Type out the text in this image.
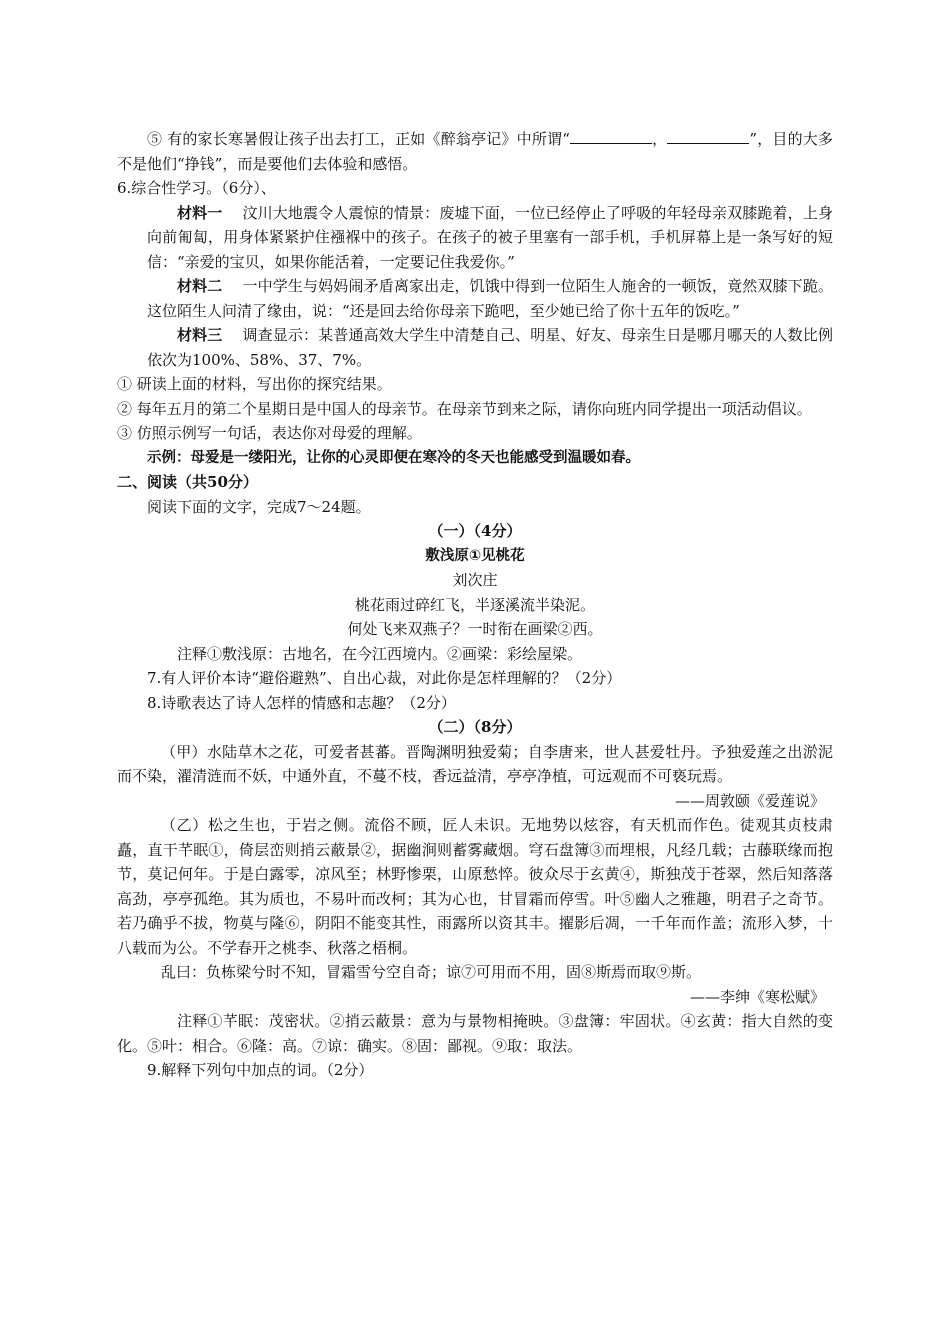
⑤ 有的家长寒暑假让孩子出去打工，正如《醉翁亭记》中所谓“	，	”，目的大多不是他们“挣钱”，而是要他们去体验和感悟。

6.综合性学习。（6分）、

材料一 汶川大地震令人震惊的情景：废墟下面，一位已经停止了呼吸的年轻母亲双膝跪着，上身向前匍匐，用身体紧紧护住襁褓中的孩子。在孩子的被子里塞有一部手机，手机屏幕上是一条写好的短信：“亲爱的宝贝，如果你能活着，一定要记住我爱你。”

材料二 一中学生与妈妈闹矛盾离家出走，饥饿中得到一位陌生人施舍的一顿饭，竟然双膝下跪。这位陌生人问清了缘由，说：“还是回去给你母亲下跪吧，至少她已给了你十五年的饭吃。”

材料三 调查显示：某普通高效大学生中清楚自己、明星、好友、母亲生日是哪月哪天的人数比例依次为100%、58%、37、7%。

① 研读上面的材料，写出你的探究结果。

② 每年五月的第二个星期日是中国人的母亲节。在母亲节到来之际，请你向班内同学提出一项活动倡议。

③ 仿照示例写一句话，表达你对母爱的理解。

示例：母爱是一缕阳光，让你的心灵即便在寒冷的冬天也能感受到温暖如春。

二、阅读（共50分）

阅读下面的文字，完成7～24题。

（一）（4分）

敷浅原①见桃花

刘次庄

桃花雨过碎红飞，半逐溪流半染泥。

何处飞来双燕子？一时衔在画梁②西。

注释①敷浅原：古地名，在今江西境内。②画梁：彩绘屋梁。

7.有人评价本诗“避俗避熟”、自出心裁，对此你是怎样理解的？（2分）

8.诗歌表达了诗人怎样的情感和志趣？（2分）

（二）（8分）

（甲）水陆草木之花，可爱者甚蕃。晋陶渊明独爱菊；自李唐来，世人甚爱牡丹。予独爱莲之出淤泥而不染，濯清涟而不妖，中通外直，不蔓不枝，香远益清，亭亭净植，可远观而不可亵玩焉。

——周敦颐《爱莲说》

（乙）松之生也，于岩之侧。流俗不顾，匠人未识。无地势以炫容，有天机而作色。徒观其贞枝肃矗，直干芊眠①，倚层峦则捎云蔽景②，据幽涧则蓄雾藏烟。穹石盘簿③而埋根，凡经几载；古藤联缘而抱节，莫记何年。于是白露零，凉风至；林野惨栗，山原愁悴。彼众尽于玄黄④，斯独茂于苍翠，然后知落落高劲，亭亭孤绝。其为质也，不易叶而改柯；其为心也，甘冒霜而停雪。叶⑤幽人之雅趣，明君子之奇节。若乃确乎不拔，物莫与隆⑥，阴阳不能变其性，雨露所以资其丰。擢影后凋，一千年而作盖；流形入梦，十八载而为公。不学春开之桃李、秋落之梧桐。

乱曰：负栋梁兮时不知，冒霜雪兮空自奇；谅⑦可用而不用，固⑧斯焉而取⑨斯。

——李绅《寒松赋》

注释①芊眠：茂密状。②捎云蔽景：意为与景物相掩映。③盘簿：牢固状。④玄黄：指大自然的变化。⑤叶：相合。⑥隆：高。⑦谅：确实。⑧固：鄙视。⑨取：取法。

9.解释下列句中加点的词。（2分）
